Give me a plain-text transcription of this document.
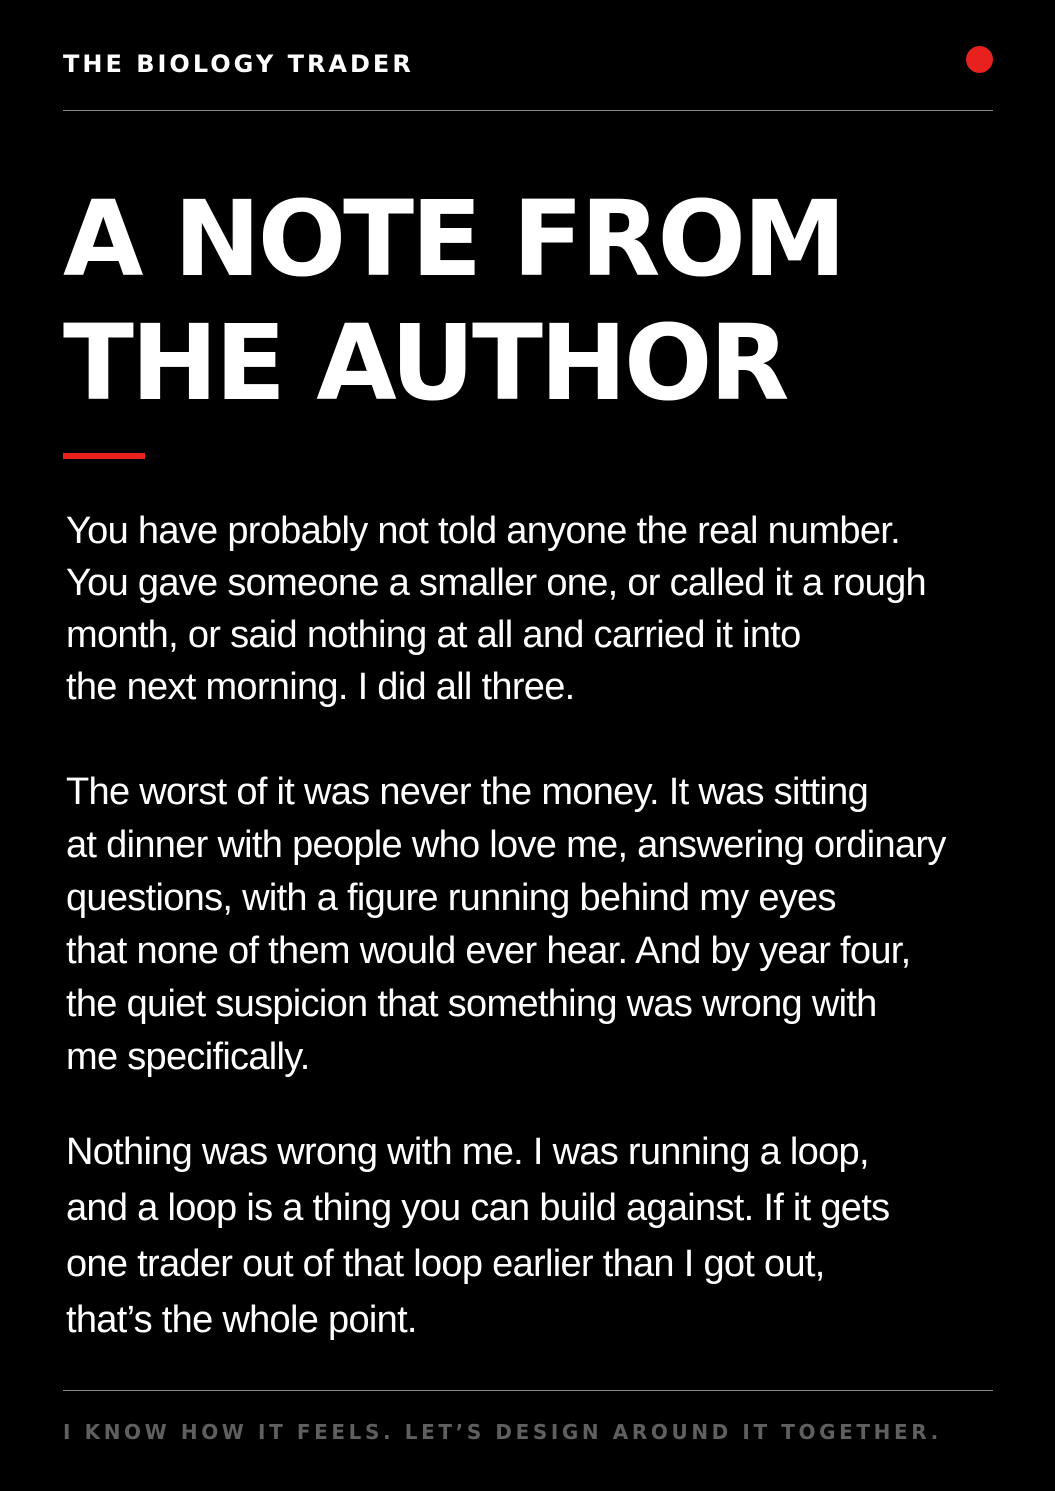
THE BIOLOGY TRADER
A NOTE FROM
THE AUTHOR

You have probably not told anyone the real number.
You gave someone a smaller one, or called it a rough
month, or said nothing at all and carried it into
the next morning. I did all three.

The worst of it was never the money. It was sitting
at dinner with people who love me, answering ordinary
questions, with a figure running behind my eyes
that none of them would ever hear. And by year four,
the quiet suspicion that something was wrong with
me specifically.

Nothing was wrong with me. I was running a loop,
and a loop is a thing you can build against. If it gets
one trader out of that loop earlier than I got out,
that’s the whole point.

I KNOW HOW IT FEELS. LET’S DESIGN AROUND IT TOGETHER.
